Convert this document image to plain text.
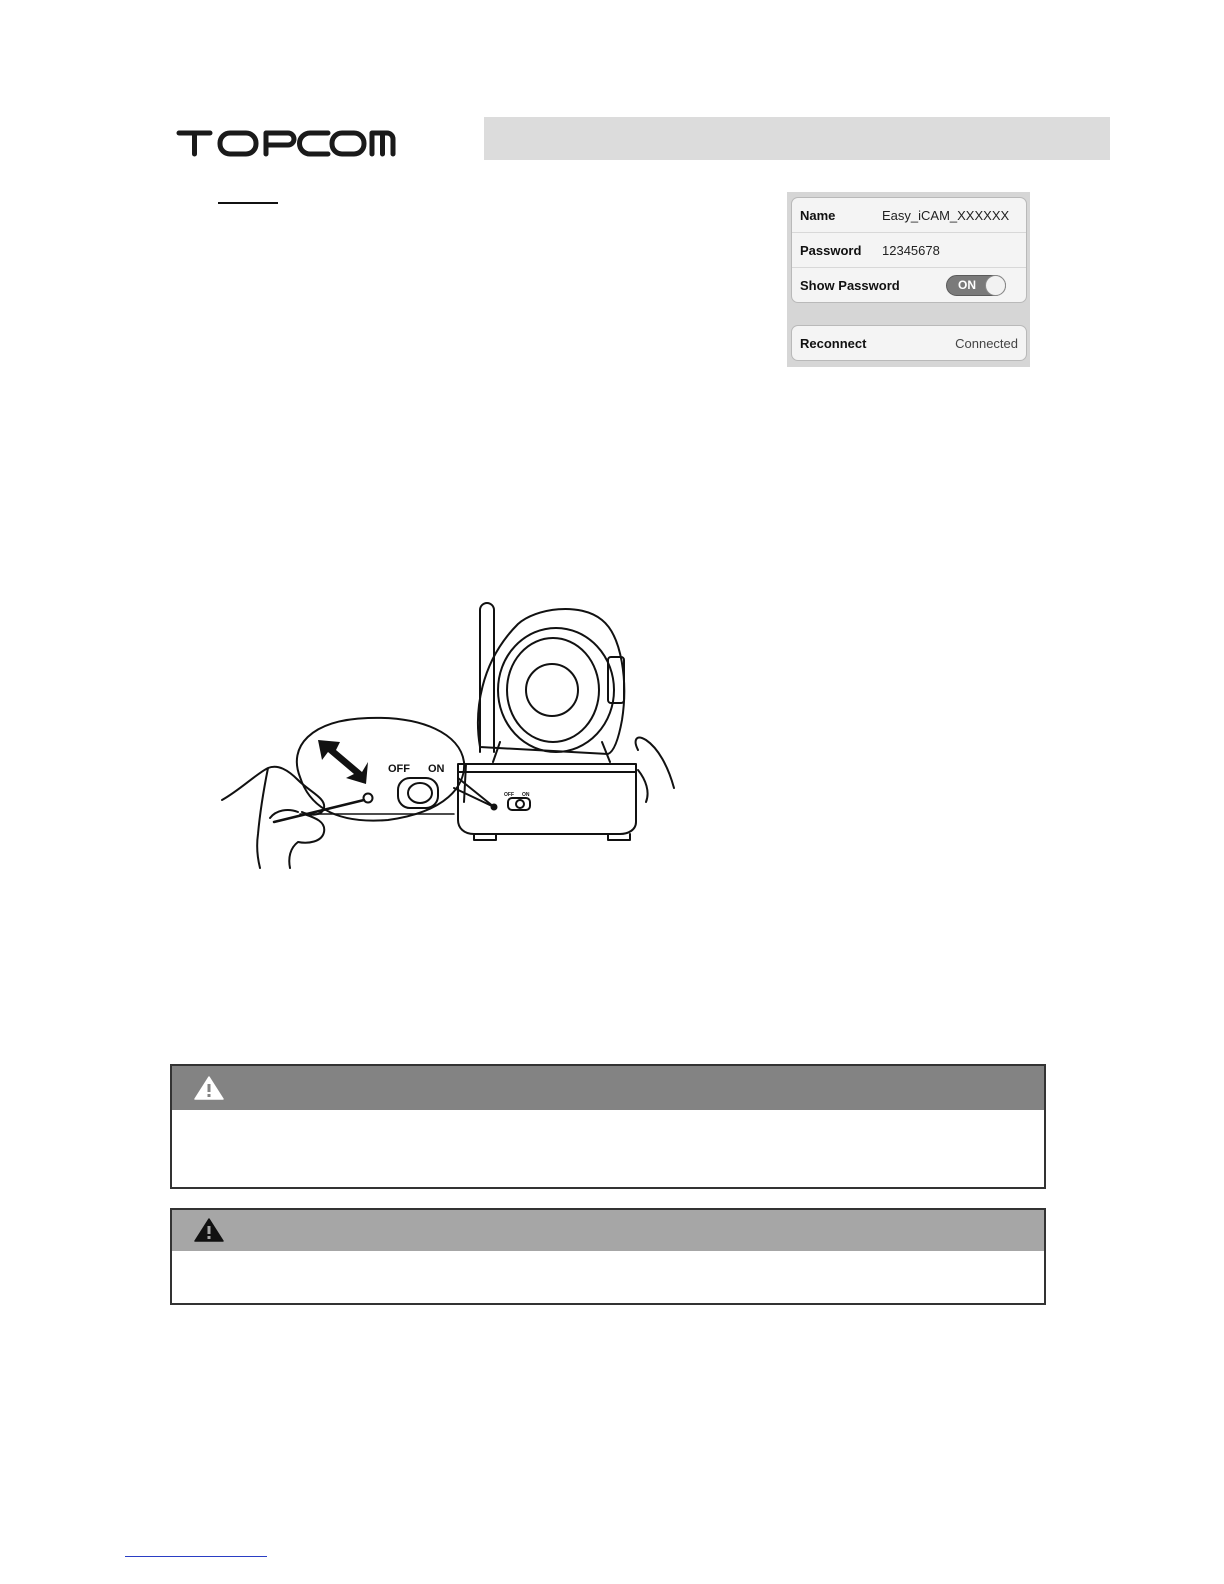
Name	Easy_iCAM_XXXXXX
Password	12345678
Show Password	ON
Reconnect	Connected
OFF ON
OFF ON
